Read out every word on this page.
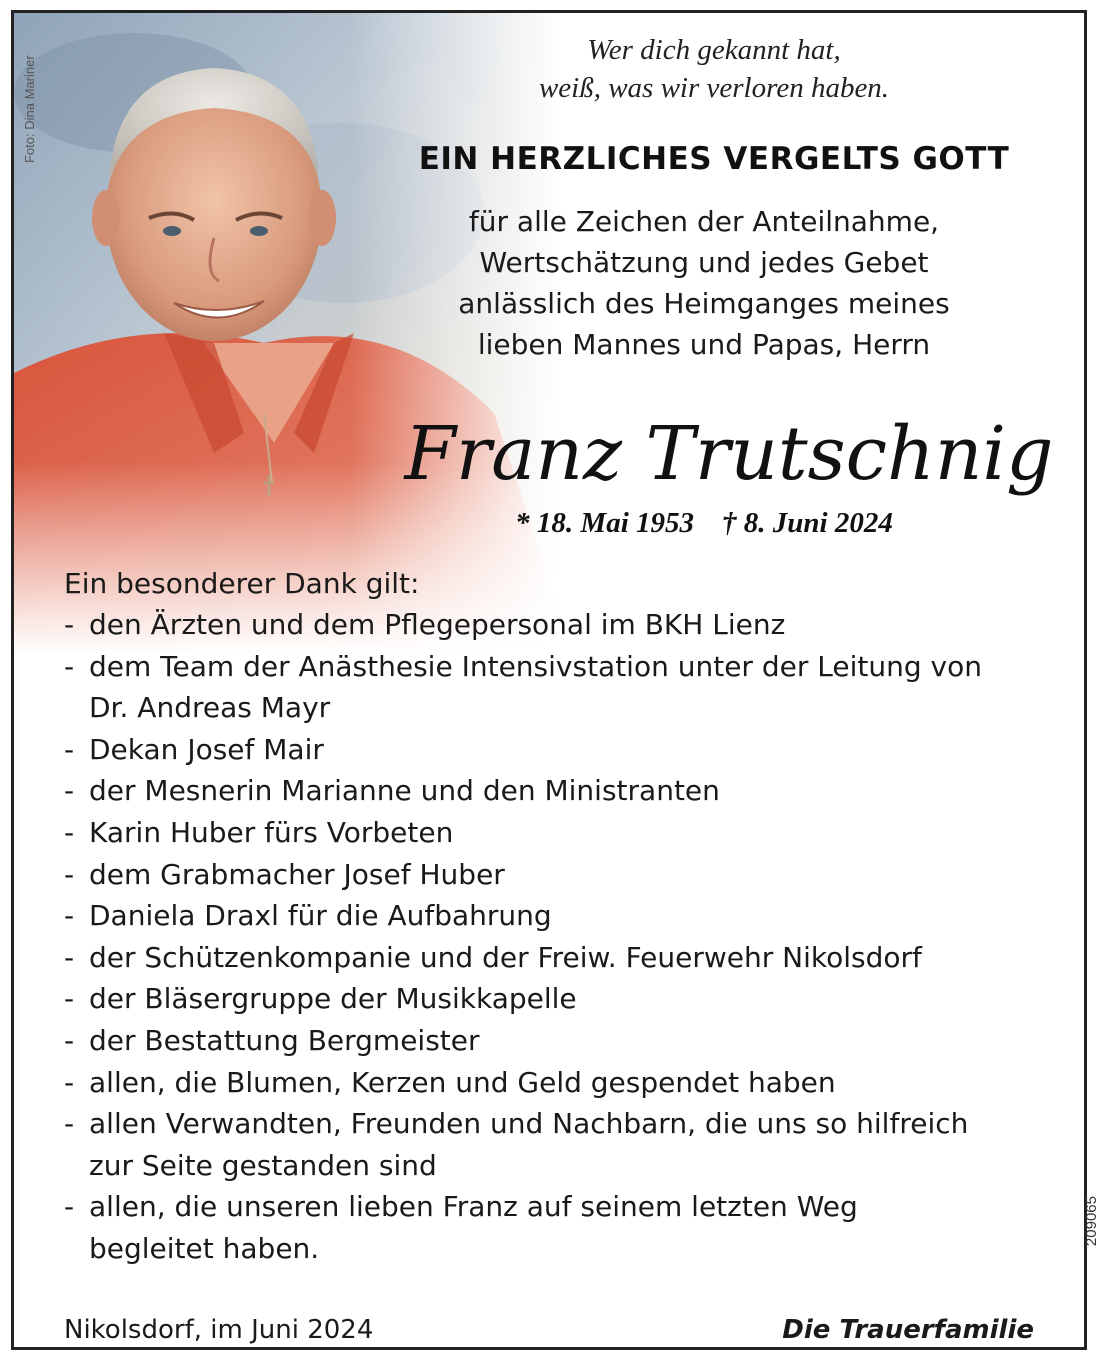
Foto: Dina Mariner
Wer dich gekannt hat,
weiß, was wir verloren haben.
EIN HERZLICHES VERGELTS GOTT
für alle Zeichen der Anteilnahme,
Wertschätzung und jedes Gebet
anlässlich des Heimganges meines
lieben Mannes und Papas, Herrn
Franz Trutschnig
* 18. Mai 1953 † 8. Juni 2024
Ein besonderer Dank gilt:
- den Ärzten und dem Pflegepersonal im BKH Lienz
- dem Team der Anästhesie Intensivstation unter der Leitung von
Dr. Andreas Mayr
- Dekan Josef Mair
- der Mesnerin Marianne und den Ministranten
- Karin Huber fürs Vorbeten
- dem Grabmacher Josef Huber
- Daniela Draxl für die Aufbahrung
- der Schützenkompanie und der Freiw. Feuerwehr Nikolsdorf
- der Bläsergruppe der Musikkapelle
- der Bestattung Bergmeister
- allen, die Blumen, Kerzen und Geld gespendet haben
- allen Verwandten, Freunden und Nachbarn, die uns so hilfreich
zur Seite gestanden sind
- allen, die unseren lieben Franz auf seinem letzten Weg
begleitet haben.
Nikolsdorf, im Juni 2024	Die Trauerfamilie
209065
